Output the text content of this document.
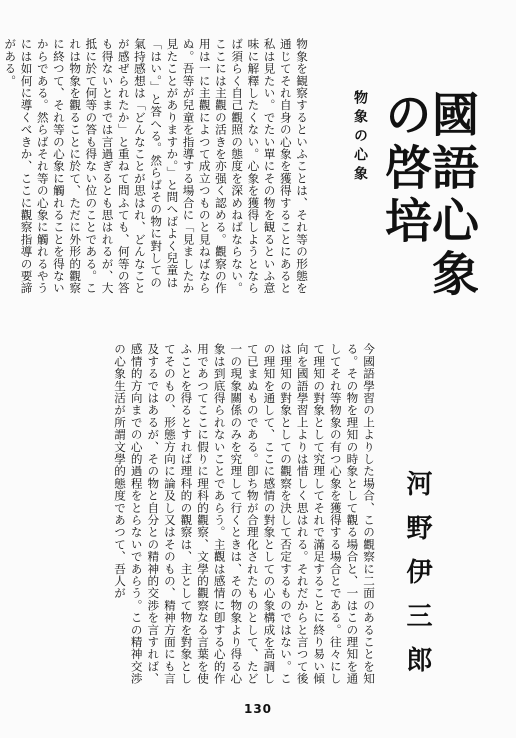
國語心象の啓培
物象の心象
物象を観察するといふことは、それ等の形態を通じてそれ自身の心象を獲得することにあると私は見たい。でたい單にその物を観るといふ意味に解釋したくない。心象を獲得しようとならば須らく自己觀照の態度を深めねばならない。ここには主觀の活きを亦强く認める。觀察の作用は一に主觀によつて成立つものと見ねばならぬ。吾等が兒童を指導する場合に「見ましたか見たことがありますか。」と問へばよく兒童は「はい。」と答へる。然らばその物に對しての氣持感想は「どんなことが思はれ、どんなことが感ぜられたか」と重ねて問ふても、何等の答も得ないとまでは言過ぎるとも思はれるが、大抵に於て何等の答も得ない位のことである。これは物象を觀ることに於て、ただに外形的觀察に終つて、それ等の心象に觸れることを得ないからである。然らばそれ等の心象に觸れるやうには如何に導くべきか、ここに觀察指導の要諦がある。
河野伊三郎
今國語學習の上よりした場合、この觀察に二面のあることを知る。その物を理知の時象として觀る場合と、一はこの理知を通してそれ等物象の有つ心象を獲得する場合とである。往々にして理知の對象として究理してそれで滿足することに終り易い傾向を國語學習上よりは惜しく思はれる。それだからと言つて後は理知の對象としての觀察を決して否定するものではない。この理知を通して、ここに感情の對象としての心象構成を高調して已まぬものである。卽ち物が合理化されたものとして、たど一の現象關係のみを究理して行くときは、その物象より得る心象は到底得られないことであらう。主觀は感情に卽する心的作用であつてここに假りに理科的觀察、文學的觀察なる言葉を使ふことを得るとすれば理科的の觀察は、主として物を對象としてそのもの、形態方向に論及し又はそのもの、精神方面にも言及するではあるが、その物と自分との精神的交渉を言すれば、感情的方向までの心的過程をとらないであらう。この精神交渉の心象生活が所謂文學的態度であつて、吾人が
130
